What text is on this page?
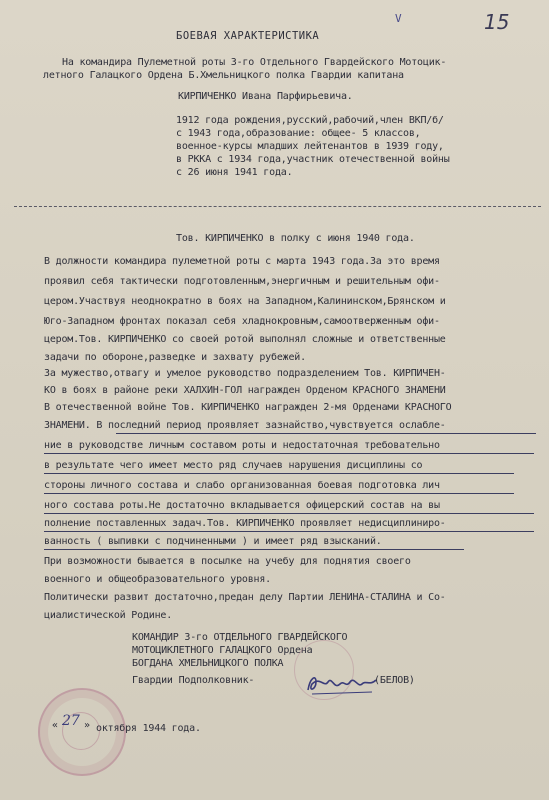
V	15
БОЕВАЯ ХАРАКТЕРИСТИКА
На командира Пулеметной роты 3-го Отдельного Гвардейского Мотоцик-
летного Галацкого Ордена Б.Хмельницкого полка Гвардии капитана
КИРПИЧЕНКО Ивана Парфирьевича.
1912 года рождения,русский,рабочий,член ВКП/б/
с 1943 года,образование: общее- 5 классов,
военное-курсы младших лейтенантов в 1939 году,
в РККА с 1934 года,участник отечественной войны
с 26 июня 1941 года.
Тов. КИРПИЧЕНКО в полку с июня 1940 года.
В должности командира пулеметной роты с марта 1943 года.За это время
проявил себя тактически подготовленным,энергичным и решительным офи-
цером.Участвуя неоднократно в боях на Западном,Калининском,Брянском и
Юго-Западном фронтах показал себя хладнокровным,самоотверженным офи-
цером.Тов. КИРПИЧЕНКО со своей ротой выполнял сложные и ответственные
задачи по обороне,разведке и захвату рубежей.
За мужество,отвагу и умелое руководство подразделением Тов. КИРПИЧЕН-
КО в боях в районе реки ХАЛХИН-ГОЛ награжден Орденом КРАСНОГО ЗНАМЕНИ
В отечественной войне Тов. КИРПИЧЕНКО награжден 2-мя Орденами КРАСНОГО
ЗНАМЕНИ. В последний период проявляет зазнайство,чувствуется ослабле-
ние в руководстве личным составом роты и недостаточная требовательно
в результате чего имеет место ряд случаев нарушения дисциплины со
стороны личного состава и слабо организованная боевая подготовка лич
ного состава роты.Не достаточно вкладывается офицерский состав на вы
полнение поставленных задач.Тов. КИРПИЧЕНКО проявляет недисциплиниро-
ванность ( выпивки с подчиненными ) и имеет ряд взысканий.
При возможности бывается в посылке на учебу для поднятия своего
военного и общеобразовательного уровня.
Политически развит достаточно,предан делу Партии ЛЕНИНА-СТАЛИНА и Со-
циалистической Родине.
КОМАНДИР 3-го ОТДЕЛЬНОГО ГВАРДЕЙСКОГО
МОТОЦИКЛЕТНОГО ГАЛАЦКОГО Ордена
БОГДАНА ХМЕЛЬНИЦКОГО ПОЛКА
Гвардии Подполковник-	(БЕЛОВ)
« 27 » октября 1944 года.
